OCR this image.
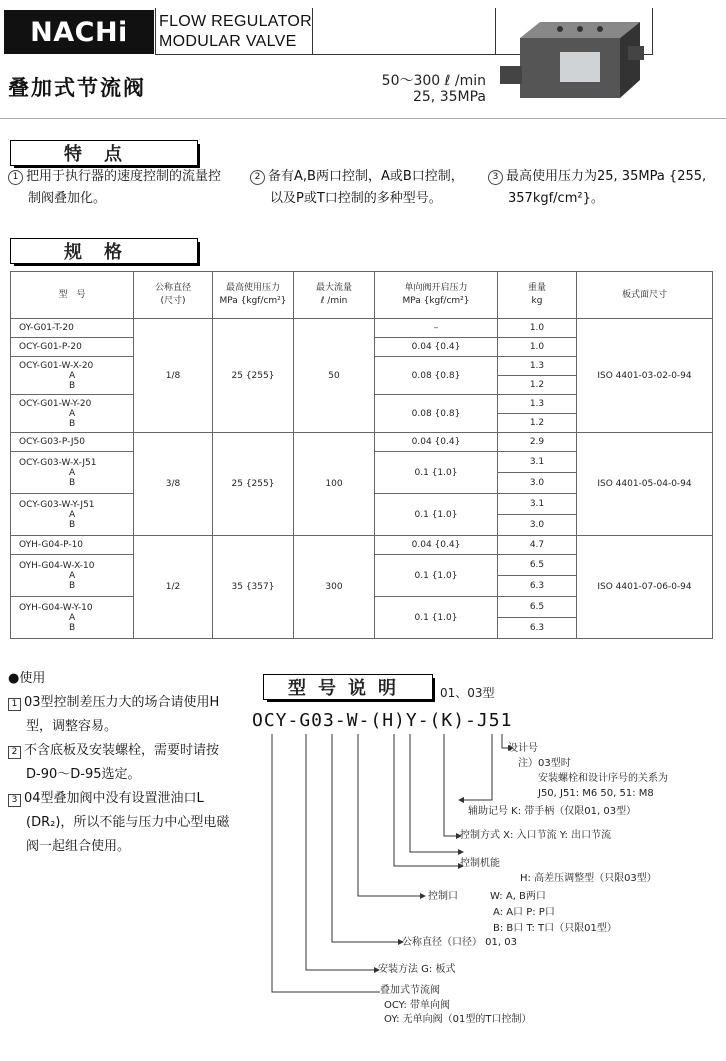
NACHi FLOW REGULATOR
MODULAR VALVE
叠加式节流阀	50～300 ℓ /min
25, 35MPa
特点
1 把用于执行器的速度控制的流量控
制阀叠加化。
2 备有A,B两口控制，A或B口控制，
以及P或T口控制的多种型号。
3 最高使用压力为25, 35MPa {255,
357kgf/cm²}。
规格
型　号	公称直径
(尺寸)	最高使用压力
MPa {kgf/cm²}	最大流量
ℓ /min	单向阀开启压力
MPa {kgf/cm²}	重量
kg	板式面尺寸

OY-G01-T-20	1/8	25 {255}	50	–	1.0	ISO 4401-03-02-0-94

OCY-G01-P-20				0.04 {0.4}	1.0	

OCY-G01-W-X-20
A
B				0.08 {0.8}	1.3	
					1.2	

OCY-G01-W-Y-20
A
B				0.08 {0.8}	1.3	
					1.2	

OCY-G03-P-J50	3/8	25 {255}	100	0.04 {0.4}	2.9	ISO 4401-05-04-0-94

OCY-G03-W-X-J51
A
B				0.1 {1.0}	3.1	
					3.0	

OCY-G03-W-Y-J51
A
B				0.1 {1.0}	3.1	
					3.0	

OYH-G04-P-10	1/2	35 {357}	300	0.04 {0.4}	4.7	ISO 4401-07-06-0-94

OYH-G04-W-X-10
A
B				0.1 {1.0}	6.5	
					6.3	

OYH-G04-W-Y-10
A
B				0.1 {1.0}	6.5	
					6.3	
●使用
1 03型控制差压力大的场合请使用H
型，调整容易。
2 不含底板及安装螺栓，需要时请按
D-90～D-95选定。
3 04型叠加阀中没有设置泄油口L
(DR₂)，所以不能与压力中心型电磁
阀一起组合使用。
型号说明	01、03型
OCY-G03-W-(H)Y-(K)-J51
设计号
注）03型时
安装螺栓和设计序号的关系为
J50, J51: M6 50, 51: M8
辅助记号 K: 带手柄（仅限01, 03型）
控制方式 X: 入口节流 Y: 出口节流
控制机能
H: 高差压调整型（只限03型）
控制口	W: A, B两口
A: A口 P: P口
B: B口 T: T口（只限01型）
公称直径（口径） 01, 03
安装方法 G: 板式
叠加式节流阀
OCY: 带单向阀
OY: 无单向阀（01型的T口控制）
